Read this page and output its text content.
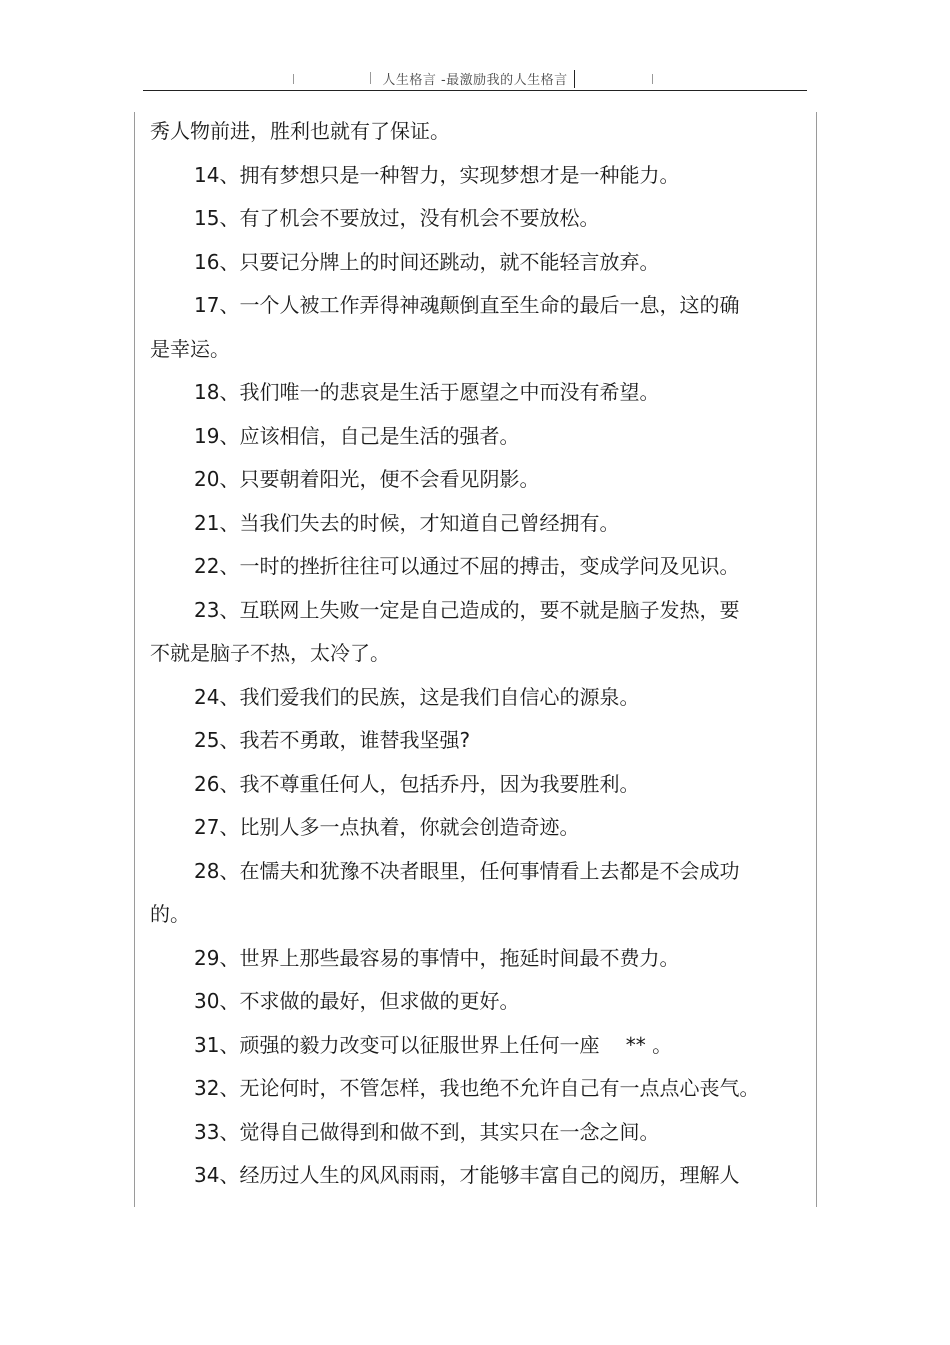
人生格言 -最激励我的人生格言
秀人物前进，胜利也就有了保证。
14、拥有梦想只是一种智力，实现梦想才是一种能力。
15、有了机会不要放过，没有机会不要放松。
16、只要记分牌上的时间还跳动，就不能轻言放弃。
17、一个人被工作弄得神魂颠倒直至生命的最后一息，这的确
是幸运。
18、我们唯一的悲哀是生活于愿望之中而没有希望。
19、应该相信，自己是生活的强者。
20、只要朝着阳光，便不会看见阴影。
21、当我们失去的时候，才知道自己曾经拥有。
22、一时的挫折往往可以通过不屈的搏击，变成学问及见识。
23、互联网上失败一定是自己造成的，要不就是脑子发热，要
不就是脑子不热，太冷了。
24、我们爱我们的民族，这是我们自信心的源泉。
25、我若不勇敢，谁替我坚强?
26、我不尊重任何人，包括乔丹，因为我要胜利。
27、比别人多一点执着，你就会创造奇迹。
28、在懦夫和犹豫不决者眼里，任何事情看上去都是不会成功
的。
29、世界上那些最容易的事情中，拖延时间最不费力。
30、不求做的最好，但求做的更好。
31、顽强的毅力改变可以征服世界上任何一座　 ** 。
32、无论何时，不管怎样，我也绝不允许自己有一点点心丧气。
33、觉得自己做得到和做不到，其实只在一念之间。
34、经历过人生的风风雨雨，才能够丰富自己的阅历，理解人
